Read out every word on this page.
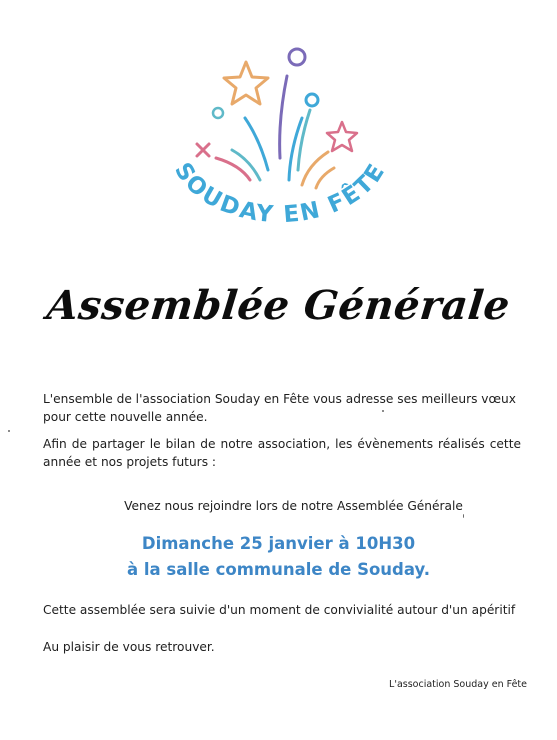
SOUDAY EN FÊTE
Assemblée Générale

L'ensemble de l'association Souday en Fête vous adresse ses meilleurs vœux pour cette nouvelle année.

Afin de partager le bilan de notre association, les évènements réalisés cette année et nos projets futurs :

Venez nous rejoindre lors de notre Assemblée Générale

Dimanche 25 janvier à 10H30
à la salle communale de Souday.

Cette assemblée sera suivie d'un moment de convivialité autour d'un apéritif

Au plaisir de vous retrouver.

L'association Souday en Fête
